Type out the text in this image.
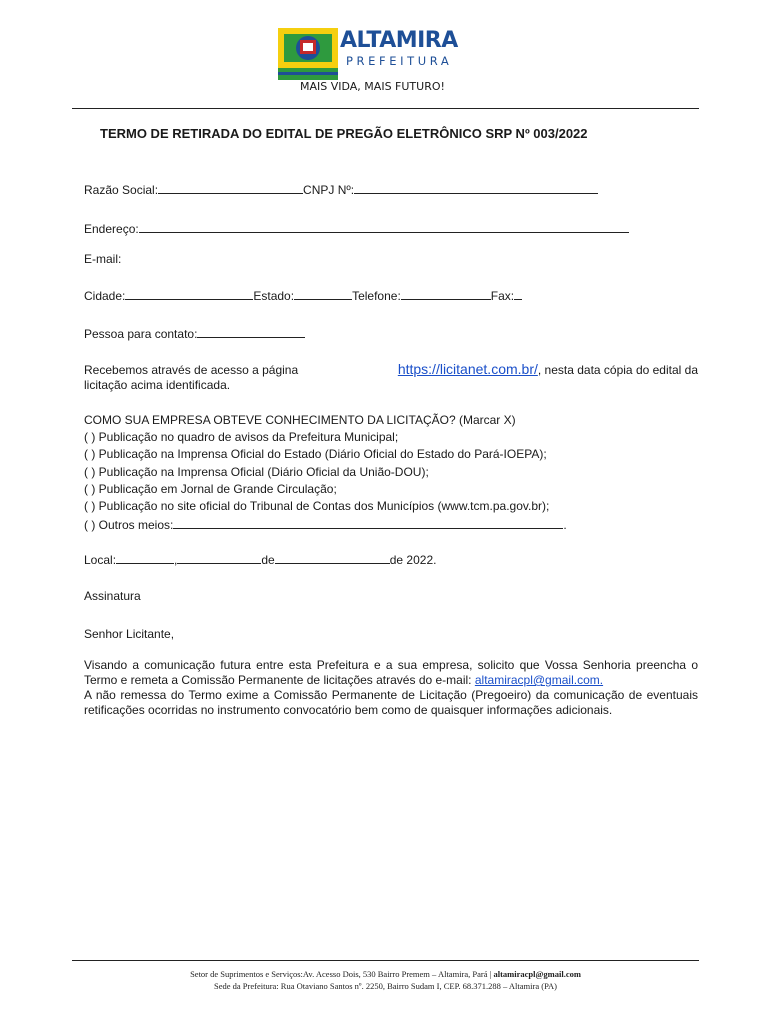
ALTAMIRA
PREFEITURA
MAIS VIDA, MAIS FUTURO!
TERMO DE RETIRADA DO EDITAL DE PREGÃO ELETRÔNICO SRP Nº 003/2022
Razão Social:	CNPJ Nº:
Endereço:
E-mail:
Cidade:	Estado:	Telefone:	Fax:
Pessoa para contato:
Recebemos através de acesso a página	https://licitanet.com.br/, nesta data cópia do edital da
licitação acima identificada.
COMO SUA EMPRESA OBTEVE CONHECIMENTO DA LICITAÇÃO? (Marcar X)
( ) Publicação no quadro de avisos da Prefeitura Municipal;
( ) Publicação na Imprensa Oficial do Estado (Diário Oficial do Estado do Pará-IOEPA);
( ) Publicação na Imprensa Oficial (Diário Oficial da União-DOU);
( ) Publicação em Jornal de Grande Circulação;
( ) Publicação no site oficial do Tribunal de Contas dos Municípios (www.tcm.pa.gov.br);
( ) Outros meios:	.
Local:	,	de	de 2022.
Assinatura
Senhor Licitante,
Visando a comunicação futura entre esta Prefeitura e a sua empresa, solicito que Vossa Senhoria preencha o Termo e remeta a Comissão Permanente de licitações através do e-mail: altamiracpl@gmail.com.
A não remessa do Termo exime a Comissão Permanente de Licitação (Pregoeiro) da comunicação de eventuais retificações ocorridas no instrumento convocatório bem como de quaisquer informações adicionais.
Setor de Suprimentos e Serviços:Av. Acesso Dois, 530 Bairro Premem – Altamira, Pará | altamiracpl@gmail.com
Sede da Prefeitura: Rua Otaviano Santos nº. 2250, Bairro Sudam I, CEP. 68.371.288 – Altamira (PA)
